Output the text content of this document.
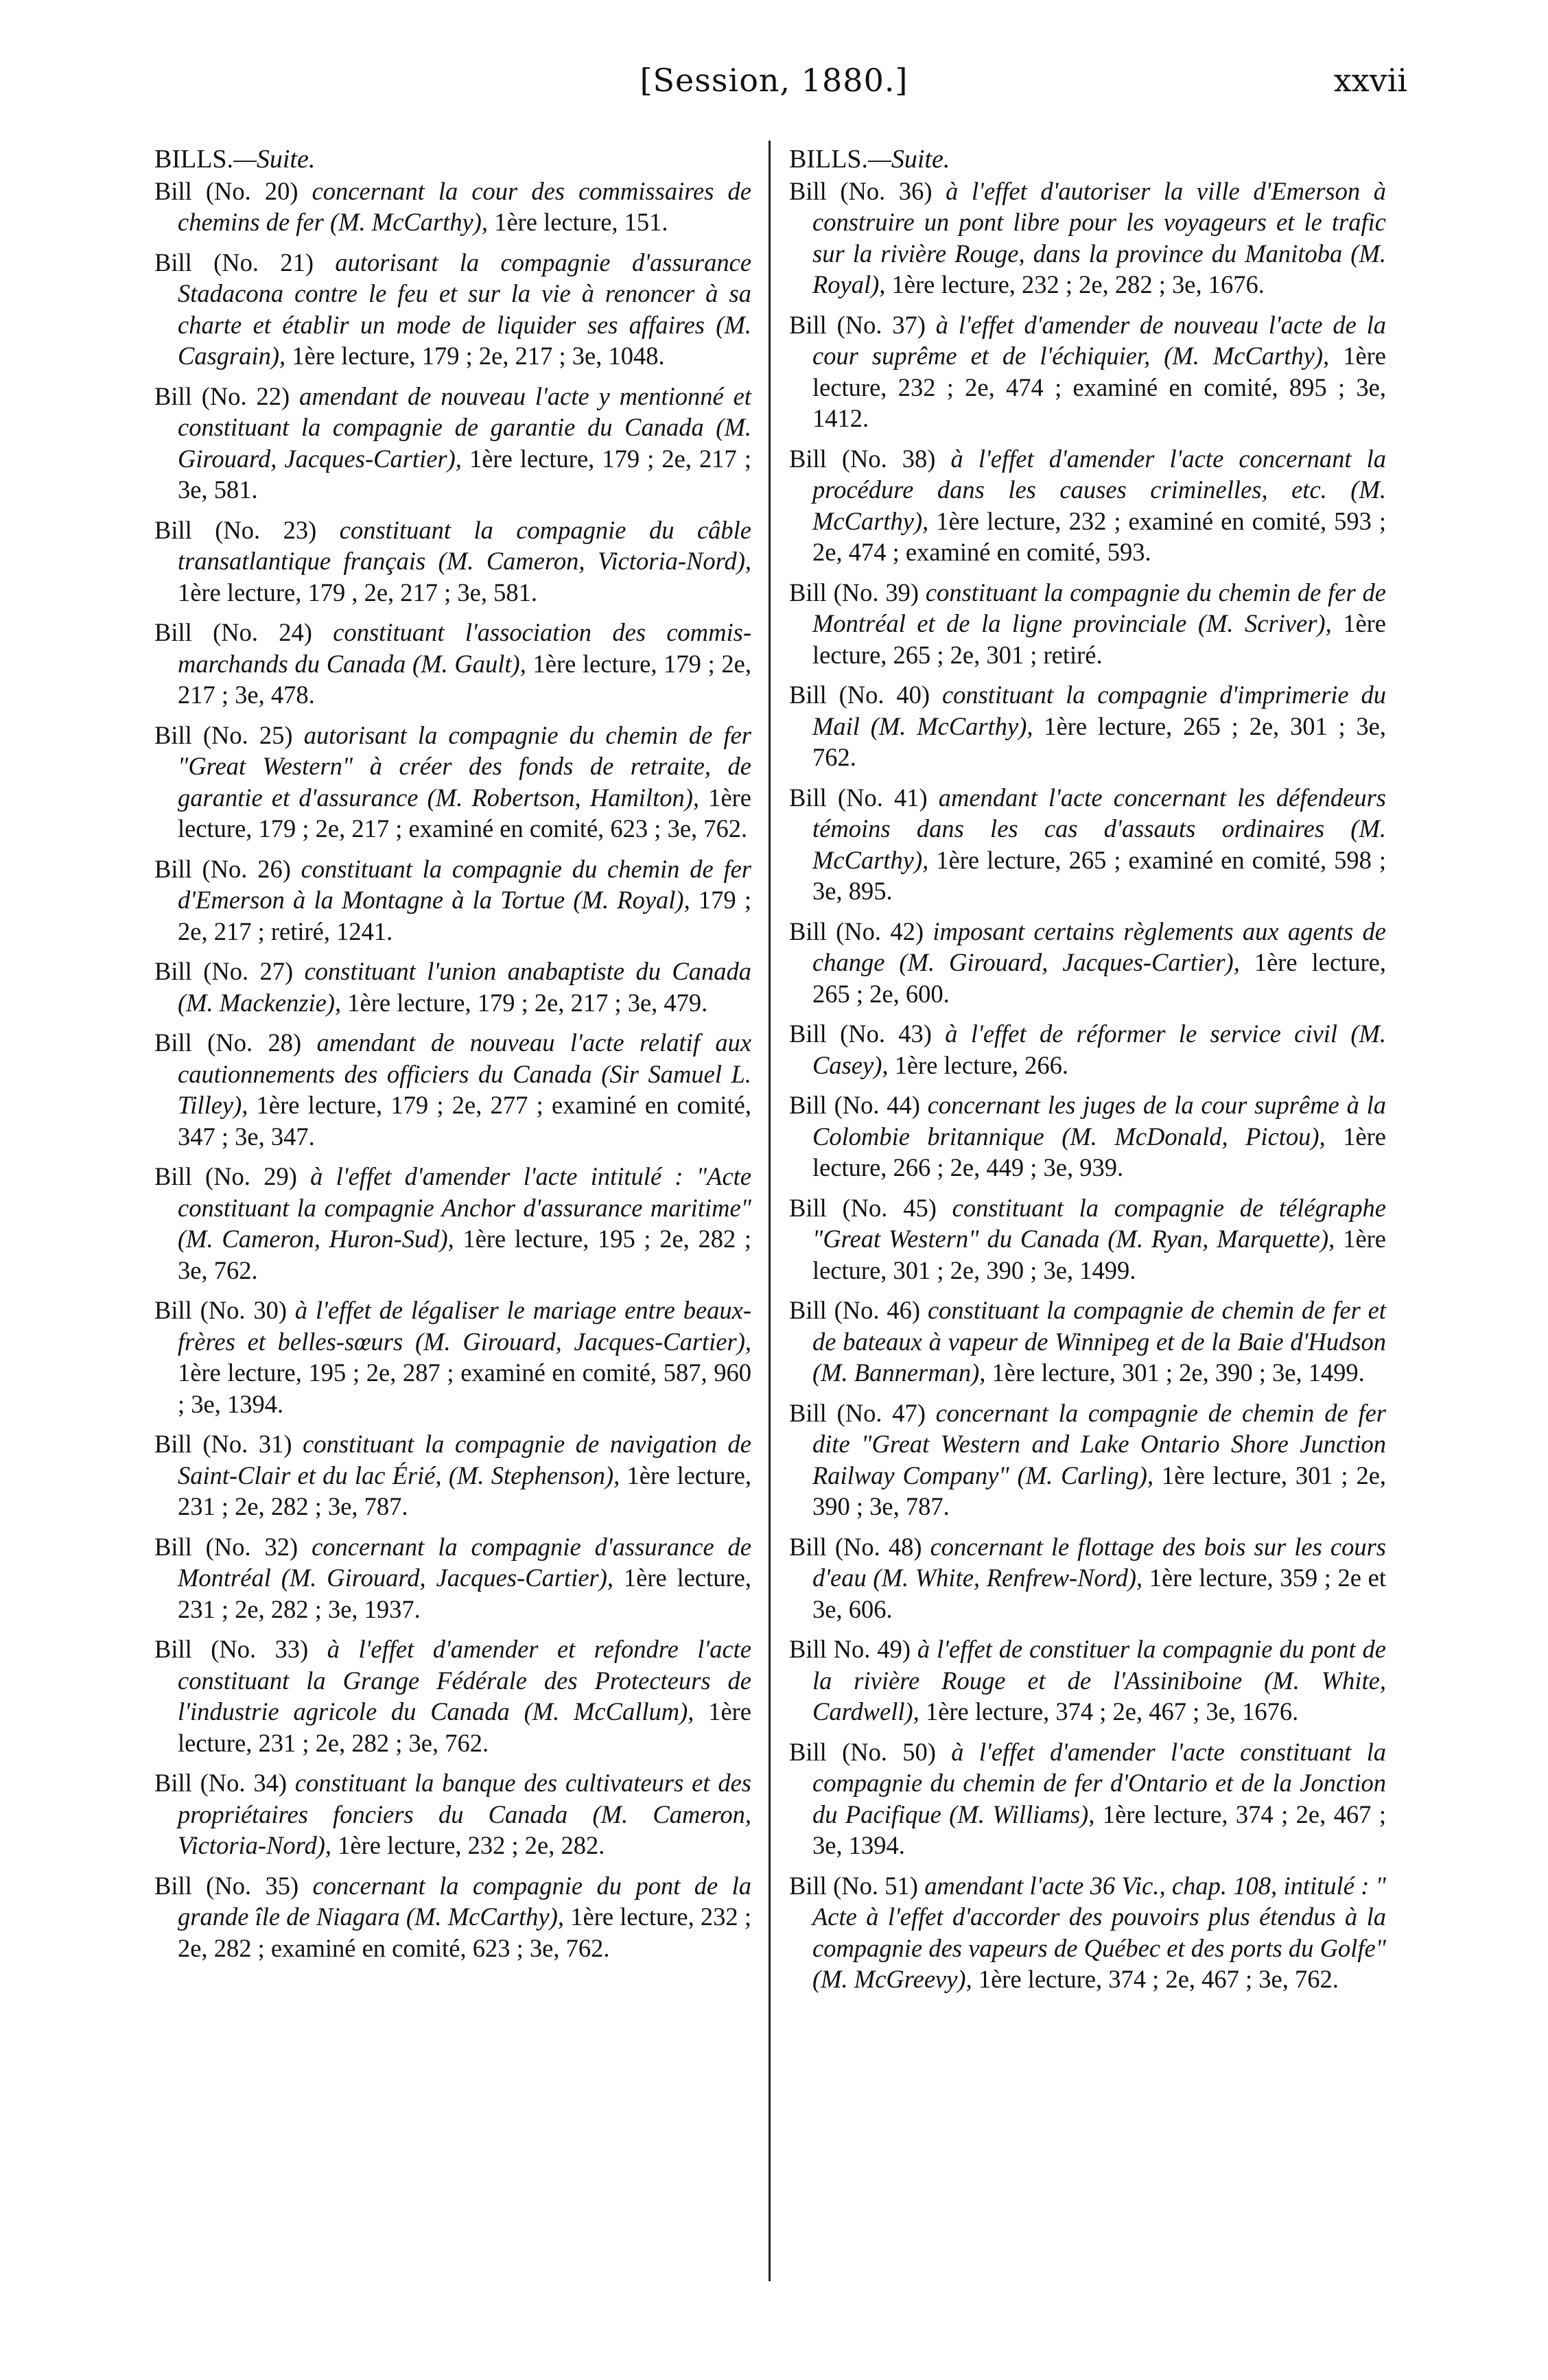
[Session, 1880.]	xxvii
BILLS.—Suite.

Bill (No. 20) concernant la cour des commissaires de chemins de fer (M. McCarthy), 1ère lecture, 151.

Bill (No. 21) autorisant la compagnie d'assurance Stadacona contre le feu et sur la vie à renoncer à sa charte et établir un mode de liquider ses affaires (M. Casgrain), 1ère lecture, 179 ; 2e, 217 ; 3e, 1048.

Bill (No. 22) amendant de nouveau l'acte y mentionné et constituant la compagnie de garantie du Canada (M. Girouard, Jacques-Cartier), 1ère lecture, 179 ; 2e, 217 ; 3e, 581.

Bill (No. 23) constituant la compagnie du câble transatlantique français (M. Cameron, Victoria-Nord), 1ère lecture, 179 , 2e, 217 ; 3e, 581.

Bill (No. 24) constituant l'association des commis-marchands du Canada (M. Gault), 1ère lecture, 179 ; 2e, 217 ; 3e, 478.

Bill (No. 25) autorisant la compagnie du chemin de fer "Great Western" à créer des fonds de retraite, de garantie et d'assurance (M. Robertson, Hamilton), 1ère lecture, 179 ; 2e, 217 ; examiné en comité, 623 ; 3e, 762.

Bill (No. 26) constituant la compagnie du chemin de fer d'Emerson à la Montagne à la Tortue (M. Royal), 179 ; 2e, 217 ; retiré, 1241.

Bill (No. 27) constituant l'union anabaptiste du Canada (M. Mackenzie), 1ère lecture, 179 ; 2e, 217 ; 3e, 479.

Bill (No. 28) amendant de nouveau l'acte relatif aux cautionnements des officiers du Canada (Sir Samuel L. Tilley), 1ère lecture, 179 ; 2e, 277 ; examiné en comité, 347 ; 3e, 347.

Bill (No. 29) à l'effet d'amender l'acte intitulé : "Acte constituant la compagnie Anchor d'assurance maritime" (M. Cameron, Huron-Sud), 1ère lecture, 195 ; 2e, 282 ; 3e, 762.

Bill (No. 30) à l'effet de légaliser le mariage entre beaux-frères et belles-sœurs (M. Girouard, Jacques-Cartier), 1ère lecture, 195 ; 2e, 287 ; examiné en comité, 587, 960 ; 3e, 1394.

Bill (No. 31) constituant la compagnie de navigation de Saint-Clair et du lac Érié, (M. Stephenson), 1ère lecture, 231 ; 2e, 282 ; 3e, 787.

Bill (No. 32) concernant la compagnie d'assurance de Montréal (M. Girouard, Jacques-Cartier), 1ère lecture, 231 ; 2e, 282 ; 3e, 1937.

Bill (No. 33) à l'effet d'amender et refondre l'acte constituant la Grange Fédérale des Protecteurs de l'industrie agricole du Canada (M. McCallum), 1ère lecture, 231 ; 2e, 282 ; 3e, 762.

Bill (No. 34) constituant la banque des cultivateurs et des propriétaires fonciers du Canada (M. Cameron, Victoria-Nord), 1ère lecture, 232 ; 2e, 282.

Bill (No. 35) concernant la compagnie du pont de la grande île de Niagara (M. McCarthy), 1ère lecture, 232 ; 2e, 282 ; examiné en comité, 623 ; 3e, 762.

BILLS.—Suite.

Bill (No. 36) à l'effet d'autoriser la ville d'Emerson à construire un pont libre pour les voyageurs et le trafic sur la rivière Rouge, dans la province du Manitoba (M. Royal), 1ère lecture, 232 ; 2e, 282 ; 3e, 1676.

Bill (No. 37) à l'effet d'amender de nouveau l'acte de la cour suprême et de l'échiquier, (M. McCarthy), 1ère lecture, 232 ; 2e, 474 ; examiné en comité, 895 ; 3e, 1412.

Bill (No. 38) à l'effet d'amender l'acte concernant la procédure dans les causes criminelles, etc. (M. McCarthy), 1ère lecture, 232 ; examiné en comité, 593 ; 2e, 474 ; examiné en comité, 593.

Bill (No. 39) constituant la compagnie du chemin de fer de Montréal et de la ligne provinciale (M. Scriver), 1ère lecture, 265 ; 2e, 301 ; retiré.

Bill (No. 40) constituant la compagnie d'imprimerie du Mail (M. McCarthy), 1ère lecture, 265 ; 2e, 301 ; 3e, 762.

Bill (No. 41) amendant l'acte concernant les défendeurs témoins dans les cas d'assauts ordinaires (M. McCarthy), 1ère lecture, 265 ; examiné en comité, 598 ; 3e, 895.

Bill (No. 42) imposant certains règlements aux agents de change (M. Girouard, Jacques-Cartier), 1ère lecture, 265 ; 2e, 600.

Bill (No. 43) à l'effet de réformer le service civil (M. Casey), 1ère lecture, 266.

Bill (No. 44) concernant les juges de la cour suprême à la Colombie britannique (M. McDonald, Pictou), 1ère lecture, 266 ; 2e, 449 ; 3e, 939.

Bill (No. 45) constituant la compagnie de télégraphe "Great Western" du Canada (M. Ryan, Marquette), 1ère lecture, 301 ; 2e, 390 ; 3e, 1499.

Bill (No. 46) constituant la compagnie de chemin de fer et de bateaux à vapeur de Winnipeg et de la Baie d'Hudson (M. Bannerman), 1ère lecture, 301 ; 2e, 390 ; 3e, 1499.

Bill (No. 47) concernant la compagnie de chemin de fer dite "Great Western and Lake Ontario Shore Junction Railway Company" (M. Carling), 1ère lecture, 301 ; 2e, 390 ; 3e, 787.

Bill (No. 48) concernant le flottage des bois sur les cours d'eau (M. White, Renfrew-Nord), 1ère lecture, 359 ; 2e et 3e, 606.

Bill No. 49) à l'effet de constituer la compagnie du pont de la rivière Rouge et de l'Assiniboine (M. White, Cardwell), 1ère lecture, 374 ; 2e, 467 ; 3e, 1676.

Bill (No. 50) à l'effet d'amender l'acte constituant la compagnie du chemin de fer d'Ontario et de la Jonction du Pacifique (M. Williams), 1ère lecture, 374 ; 2e, 467 ; 3e, 1394.

Bill (No. 51) amendant l'acte 36 Vic., chap. 108, intitulé : " Acte à l'effet d'accorder des pouvoirs plus étendus à la compagnie des vapeurs de Québec et des ports du Golfe" (M. McGreevy), 1ère lecture, 374 ; 2e, 467 ; 3e, 762.
